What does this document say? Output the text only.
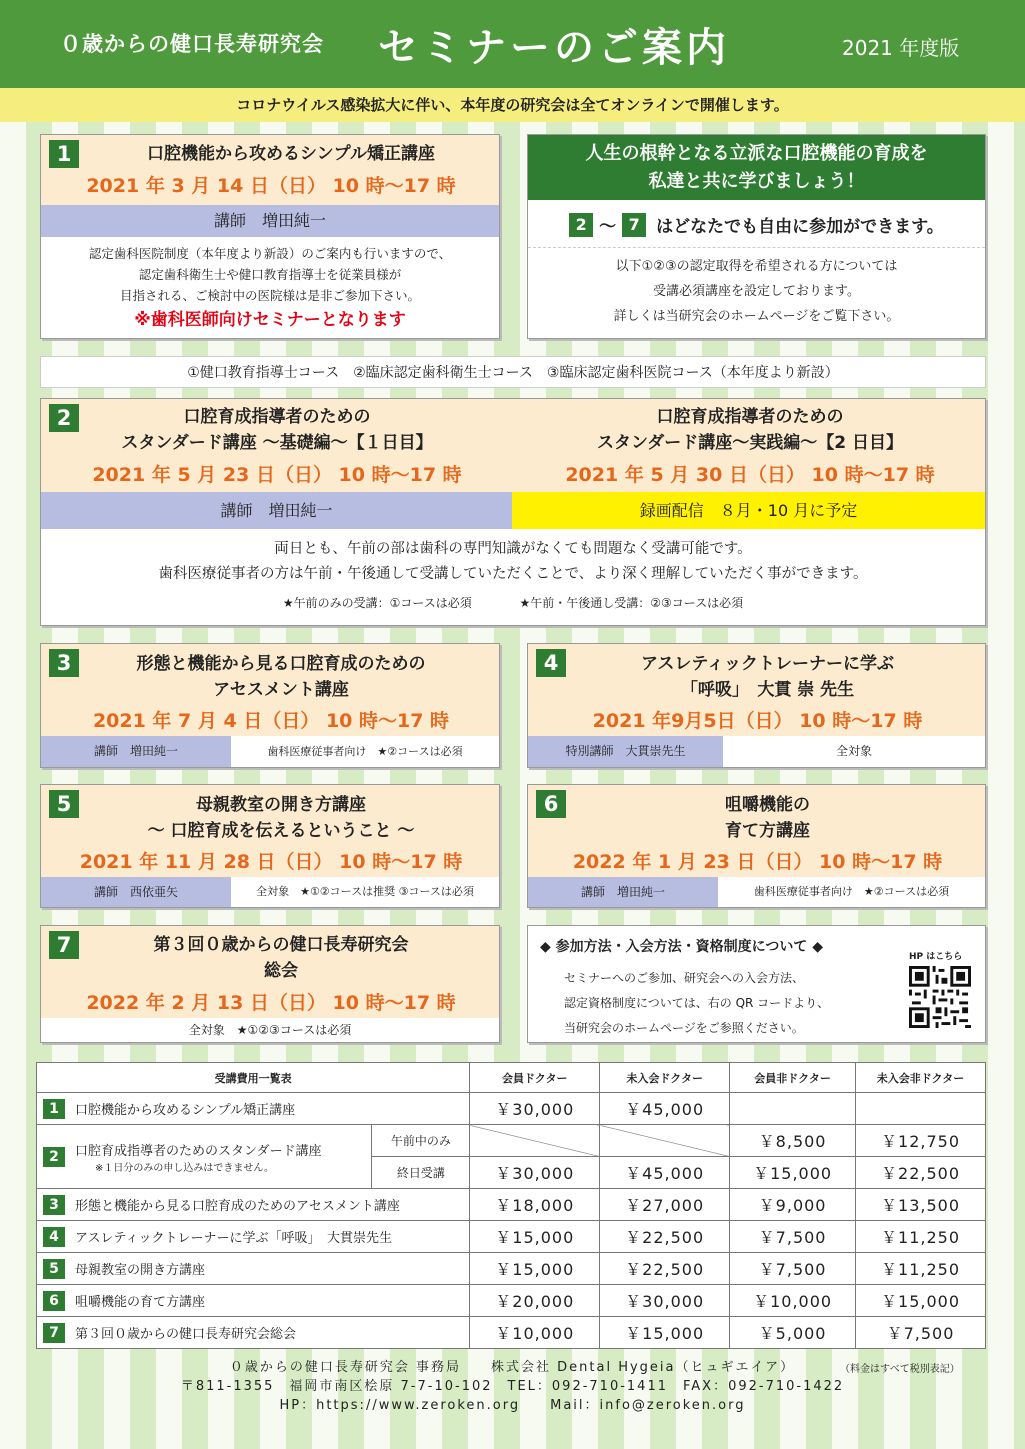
０歳からの健口長寿研究会 セミナーのご案内	2021 年度版
コロナウイルス感染拡大に伴い、本年度の研究会は全てオンラインで開催します。
1	口腔機能から攻めるシンプル矯正講座
2021 年 3 月 14 日（日） 10 時～17 時
講師　増田純一
認定歯科医院制度（本年度より新設）のご案内も行いますので、
認定歯科衛生士や健口教育指導士を従業員様が
目指される、ご検討中の医院様は是非ご参加下さい。
※歯科医師向けセミナーとなります
人生の根幹となる立派な口腔機能の育成を
私達と共に学びましょう！
2 ～ 7 はどなたでも自由に参加ができます。
以下①②③の認定取得を希望される方については
受講必須講座を設定しております。
詳しくは当研究会のホームページをご覧下さい。
①健口教育指導士コース　②臨床認定歯科衛生士コース　③臨床認定歯科医院コース（本年度より新設）
2	口腔育成指導者のための
スタンダード講座 ～基礎編～【１日目】
2021 年 5 月 23 日（日） 10 時～17 時
口腔育成指導者のための
スタンダード講座～実践編～【2 日目】
2021 年 5 月 30 日（日） 10 時～17 時
講師　増田純一	録画配信　８月・10 月に予定
両日とも、午前の部は歯科の専門知識がなくても問題なく受講可能です。
歯科医療従事者の方は午前・午後通して受講していただくことで、より深く理解していただく事ができます。
★午前のみの受講：①コースは必須	★午前・午後通し受講：②③コースは必須
3	形態と機能から見る口腔育成のための
アセスメント講座
2021 年 7 月 4 日（日） 10 時～17 時
講師　増田純一	歯科医療従事者向け　★②コースは必須
4	アスレティックトレーナーに学ぶ
「呼吸」　大貫 崇 先生
2021 年9月5日（日） 10 時～17 時
特別講師　大貫崇先生	全対象
5	母親教室の開き方講座
～ 口腔育成を伝えるということ ～
2021 年 11 月 28 日（日） 10 時～17 時
講師　西依亜矢	全対象　★①②コースは推奨 ③コースは必須
6	咀嚼機能の
育て方講座
2022 年 1 月 23 日（日） 10 時～17 時
講師　増田純一	歯科医療従事者向け　★②コースは必須
7	第３回０歳からの健口長寿研究会
総会
2022 年 2 月 13 日（日） 10 時～17 時
全対象　★①②③コースは必須
◆ 参加方法・入会方法・資格制度について ◆
セミナーへのご参加、研究会への入会方法、
認定資格制度については、右の QR コードより、
当研究会のホームページをご参照ください。
HP はこちら
受講費用一覧表		会員ドクター	未入会ドクター	会員非ドクター	未入会非ドクター

1 口腔機能から攻めるシンプル矯正講座		￥30,000	￥45,000		

2 口腔育成指導者のためのスタンダード講座
※１日分のみの申し込みはできません。	午前中のみ			￥8,500	￥12,750
	終日受講	￥30,000	￥45,000	￥15,000	￥22,500

3 形態と機能から見る口腔育成のためのアセスメント講座		￥18,000	￥27,000	￥9,000	￥13,500

4 アスレティックトレーナーに学ぶ「呼吸」　大貫崇先生		￥15,000	￥22,500	￥7,500	￥11,250

5 母親教室の開き方講座		￥15,000	￥22,500	￥7,500	￥11,250

6 咀嚼機能の育て方講座		￥20,000	￥30,000	￥10,000	￥15,000

7 第３回０歳からの健口長寿研究会総会		￥10,000	￥15,000	￥5,000	￥7,500
０歳からの健口長寿研究会 事務局　　株式会社 Dental Hygeia（ヒュギエイア）
〒811-1355　福岡市南区桧原 7-7-10-102　TEL：092-710-1411　FAX：092-710-1422
HP：https://www.zeroken.org　　Mail：info@zeroken.org
（料金はすべて税別表記）
